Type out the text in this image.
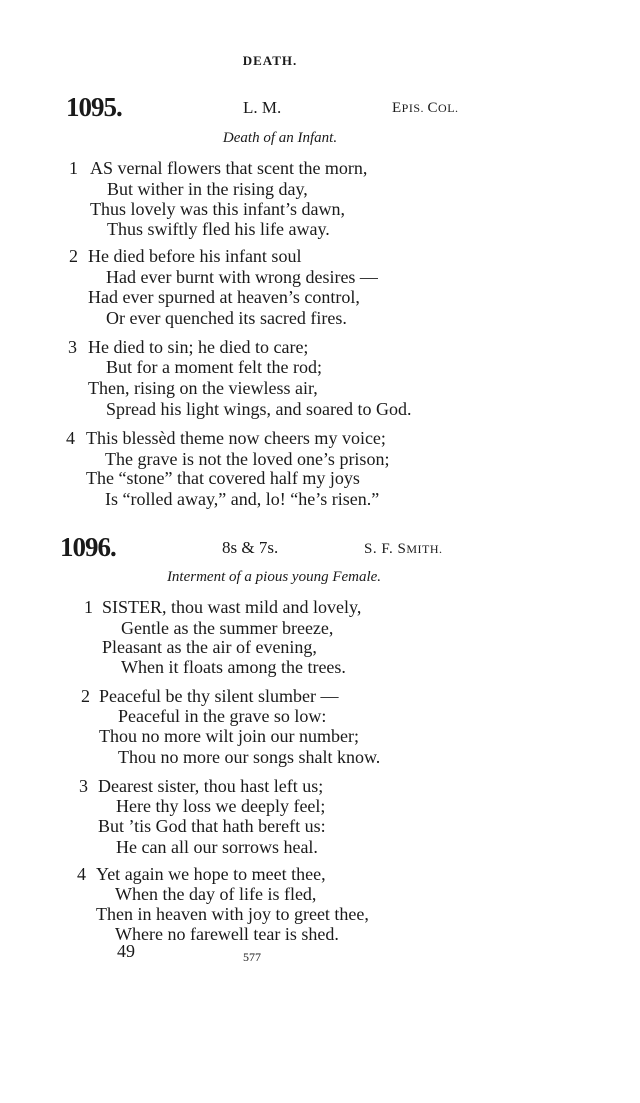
DEATH.
1095.	L. M.	EPIS. COL.
Death of an Infant.
1 AS vernal flowers that scent the morn,
But wither in the rising day,
Thus lovely was this infant’s dawn,
Thus swiftly fled his life away.
2 He died before his infant soul
Had ever burnt with wrong desires —
Had ever spurned at heaven’s control,
Or ever quenched its sacred fires.
3 He died to sin; he died to care;
But for a moment felt the rod;
Then, rising on the viewless air,
Spread his light wings, and soared to God.
4 This blessèd theme now cheers my voice;
The grave is not the loved one’s prison;
The “stone” that covered half my joys
Is “rolled away,” and, lo! “he’s risen.”
1096.	8s & 7s.	S. F. SMITH.
Interment of a pious young Female.
1 SISTER, thou wast mild and lovely,
Gentle as the summer breeze,
Pleasant as the air of evening,
When it floats among the trees.
2 Peaceful be thy silent slumber —
Peaceful in the grave so low:
Thou no more wilt join our number;
Thou no more our songs shalt know.
3 Dearest sister, thou hast left us;
Here thy loss we deeply feel;
But ’tis God that hath bereft us:
He can all our sorrows heal.
4 Yet again we hope to meet thee,
When the day of life is fled,
Then in heaven with joy to greet thee,
Where no farewell tear is shed.
49	577
